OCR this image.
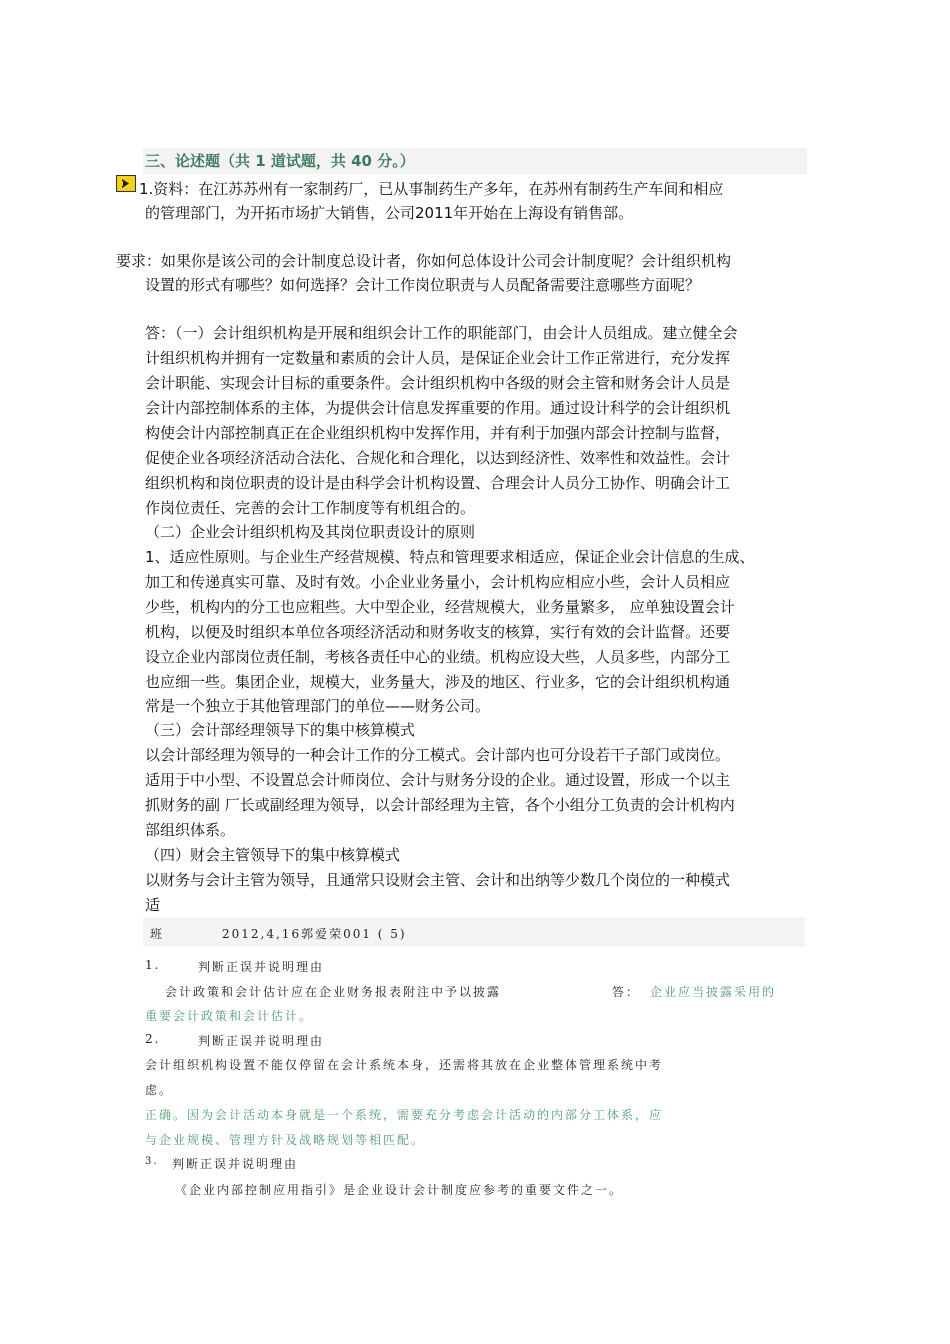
三、论述题（共 1 道试题，共 40 分。）
1.资料：在江苏苏州有一家制药厂，已从事制药生产多年，在苏州有制药生产车间和相应
的管理部门，为开拓市场扩大销售，公司2011年开始在上海设有销售部。
要求：如果你是该公司的会计制度总设计者，你如何总体设计公司会计制度呢？会计组织机构
设置的形式有哪些？如何选择？会计工作岗位职责与人员配备需要注意哪些方面呢？
答：（一）会计组织机构是开展和组织会计工作的职能部门，由会计人员组成。建立健全会
计组织机构并拥有一定数量和素质的会计人员，是保证企业会计工作正常进行，充分发挥
会计职能、实现会计目标的重要条件。会计组织机构中各级的财会主管和财务会计人员是
会计内部控制体系的主体，为提供会计信息发挥重要的作用。通过设计科学的会计组织机
构使会计内部控制真正在企业组织机构中发挥作用，并有利于加强内部会计控制与监督，
促使企业各项经济活动合法化、合规化和合理化，以达到经济性、效率性和效益性。会计
组织机构和岗位职责的设计是由科学会计机构设置、合理会计人员分工协作、明确会计工
作岗位责任、完善的会计工作制度等有机组合的。
（二）企业会计组织机构及其岗位职责设计的原则
1、适应性原则。与企业生产经营规模、特点和管理要求相适应，保证企业会计信息的生成、
加工和传递真实可靠、及时有效。小企业业务量小，会计机构应相应小些，会计人员相应
少些，机构内的分工也应粗些。大中型企业，经营规模大，业务量繁多， 应单独设置会计
机构，以便及时组织本单位各项经济活动和财务收支的核算，实行有效的会计监督。还要
设立企业内部岗位责任制，考核各责任中心的业绩。机构应设大些，人员多些，内部分工
也应细一些。集团企业，规模大，业务量大，涉及的地区、行业多，它的会计组织机构通
常是一个独立于其他管理部门的单位——财务公司。
（三）会计部经理领导下的集中核算模式
以会计部经理为领导的一种会计工作的分工模式。会计部内也可分设若干子部门或岗位。
适用于中小型、不设置总会计师岗位、会计与财务分设的企业。通过设置，形成一个以主
抓财务的副 厂长或副经理为领导，以会计部经理为主管，各个小组分工负责的会计机构内
部组织体系。
（四）财会主管领导下的集中核算模式
以财务与会计主管为领导，且通常只设财会主管、会计和出纳等少数几个岗位的一种模式
适
班	2012,4,16郭爱荣001 ( 5)
1.	判断正误并说明理由
会计政策和会计估计应在企业财务报表附注中予以披露	答： 企业应当披露采用的
重要会计政策和会计估计。
2.	判断正误并说明理由
会计组织机构设置不能仅停留在会计系统本身，还需将其放在企业整体管理系统中考
虑。
正确。因为会计活动本身就是一个系统，需要充分考虑会计活动的内部分工体系，应
与企业规模、管理方针及战略规划等相匹配。
3. 判断正误并说明理由
《企业内部控制应用指引》是企业设计会计制度应参考的重要文件之一。
